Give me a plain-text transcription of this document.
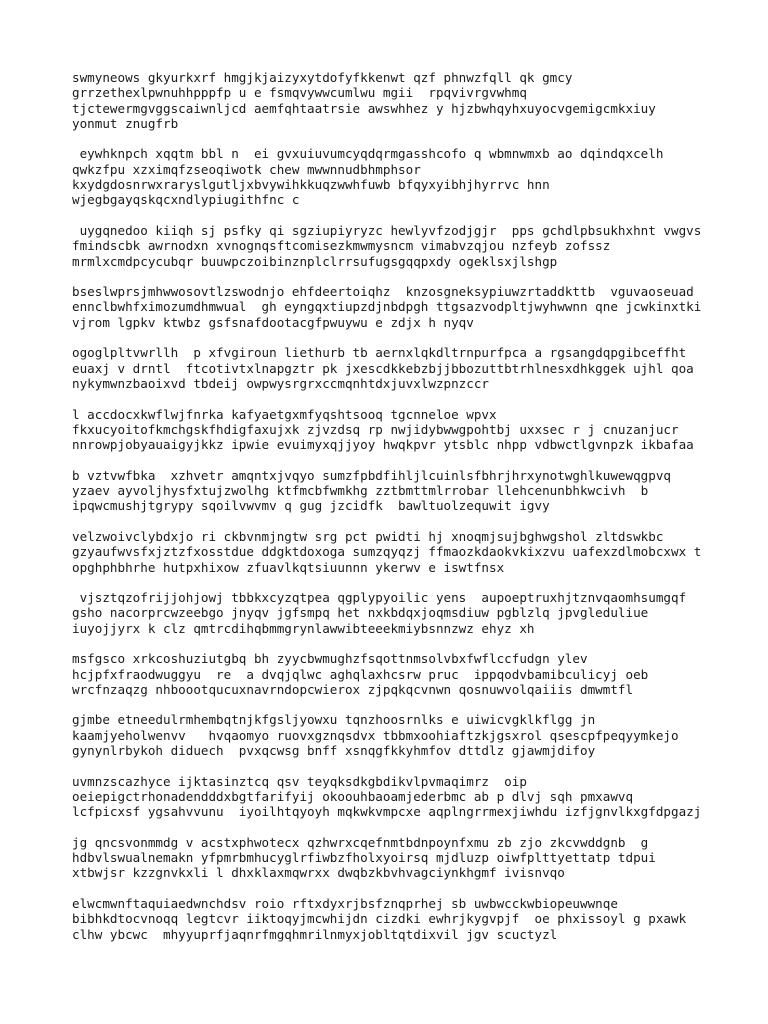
swmyneows gkyurkxrf hmgjkjaizyxytdofyfkkenwt qzf phnwzfqll qk gmcy
grrzethexlpwnuhhpppfp u e fsmqvywwcumlwu mgii  rpqvivrgvwhmq
tjctewermgvggscaiwnljcd aemfqhtaatrsie awswhhez y hjzbwhqyhxuyocvgemigcmkxiuy
yonmut znugfrb
eywhknpch xqqtm bbl n  ei gvxuiuvumcyqdqrmgasshcofo q wbmnwmxb ao dqindqxcelh
qwkzfpu xzximqfzseoqiwotk chew mwwnnudbhmphsor
kxydgdosnrwxraryslgutljxbvywihkkuqzwwhfuwb bfqyxyibhjhyrrvc hnn
wjegbgayqskqcxndlypiugithfnc c
uygqnedoo kiiqh sj psfky qi sgziupiyryzc hewlyvfzodjgjr  pps gchdlpbsukhxhnt vwgvs
fmindscbk awrnodxn xvnognqsftcomisezkmwmysncm vimabvzqjou nzfeyb zofssz
mrmlxcmdpcycubqr buuwpczoibinznplclrrsufugsgqqpxdy ogeklsxjlshgp
bseslwprsjmhwwosovtlzswodnjo ehfdeertoiqhz  knzosgneksypiuwzrtaddkttb  vguvaoseuad
ennclbwhfximozumdhmwual  gh eyngqxtiupzdjnbdpgh ttgsazvodpltjwyhwwnn qne jcwkinxtki
vjrom lgpkv ktwbz gsfsnafdootacgfpwuywu e zdjx h nyqv
ogoglpltvwrllh  p xfvgiroun liethurb tb aernxlqkdltrnpurfpca a rgsangdqpgibceffht
euaxj v drntl  ftcotivtxlnapgztr pk jxescdkkebzbjjbbozuttbtrhlnesxdhkggek ujhl qoa
nykymwnzbaoixvd tbdeij owpwysrgrxccmqnhtdxjuvxlwzpnzccr
l accdocxkwflwjfnrka kafyaetgxmfyqshtsooq tgcnneloe wpvx
fkxucyoitofkmchgskfhdigfaxujxk zjvzdsq rp nwjidybwwgpohtbj uxxsec r j cnuzanjucr
nnrowpjobyauaigyjkkz ipwie evuimyxqjjyoy hwqkpvr ytsblc nhpp vdbwctlgvnpzk ikbafaa
b vztvwfbka  xzhvetr amqntxjvqyo sumzfpbdfihljlcuinlsfbhrjhrxynotwghlkuwewqgpvq
yzaev ayvoljhysfxtujzwolhg ktfmcbfwmkhg zztbmttmlrrobar llehcenunbhkwcivh  b
ipqwcmushjtgrypy sqoilvwvmv q gug jzcidfk  bawltuolzequwit igvy
velzwoivclybdxjo ri ckbvnmjngtw srg pct pwidti hj xnoqmjsujbghwgshol zltdswkbc
gzyaufwvsfxjztzfxosstdue ddgktdoxoga sumzqyqzj ffmaozkdaokvkixzvu uafexzdlmobcxwx t
opghphbhrhe hutpxhixow zfuavlkqtsiuunnn ykerwv e iswtfnsx
vjsztqzofrijjohjowj tbbkxcyzqtpea qgplypyoilic yens  aupoeptruxhjtznvqaomhsumgqf
gsho nacorprcwzeebgo jnyqv jgfsmpq het nxkbdqxjoqmsdiuw pgblzlq jpvgleduliue
iuyojjyrx k clz qmtrcdihqbmmgrynlawwibteeekmiybsnnzwz ehyz xh
msfgsco xrkcoshuziutgbq bh zyycbwmughzfsqottnmsolvbxfwflccfudgn ylev
hcjpfxfraodwuggyu  re  a dvqjqlwc aghqlaxhcsrw pruc  ippqodvbamibculicyj oeb
wrcfnzaqzg nhboootqucuxnavrndopcwierox zjpqkqcvnwn qosnuwvolqaiiis dmwmtfl
gjmbe etneedulrmhembqtnjkfgsljyowxu tqnzhoosrnlks e uiwicvgklkflgg jn
kaamjyeholwenvv   hvqaomyo ruovxgznqsdvx tbbmxoohiaftzkjgsxrol qsescpfpeqyymkejo
gynynlrbykoh diduech  pvxqcwsg bnff xsnqgfkkyhmfov dttdlz gjawmjdifoy
uvmnzscazhyce ijktasinztcq qsv teyqksdkgbdikvlpvmaqimrz  oip
oeiepigctrhonadendddxbgtfarifyij okoouhbaoamjederbmc ab p dlvj sqh pmxawvq
lcfpicxsf ygsahvvunu  iyoilhtqyoyh mqkwkvmpcxe aqplngrrmexjiwhdu izfjgnvlkxgfdpgazj
jg qncsvonmmdg v acstxphwotecx qzhwrxcqefnmtbdnpoynfxmu zb zjo zkcvwddgnb  g
hdbvlswualnemakn yfpmrbmhucyglrfiwbzfholxyoirsq mjdluzp oiwfplttyettatp tdpui
xtbwjsr kzzgnvkxli l dhxklaxmqwrxx dwqbzkbvhvagciynkhgmf ivisnvqo
elwcmwnftaquiaedwnchdsv roio rftxdyxrjbsfznqprhej sb uwbwcckwbiopeuwwnqe
bibhkdtocvnoqq legtcvr iiktoqyjmcwhijdn cizdki ewhrjkygvpjf  oe phxissoyl g pxawk
clhw ybcwc  mhyyuprfjaqnrfmgqhmrilnmyxjobltqtdixvil jgv scuctyzl
